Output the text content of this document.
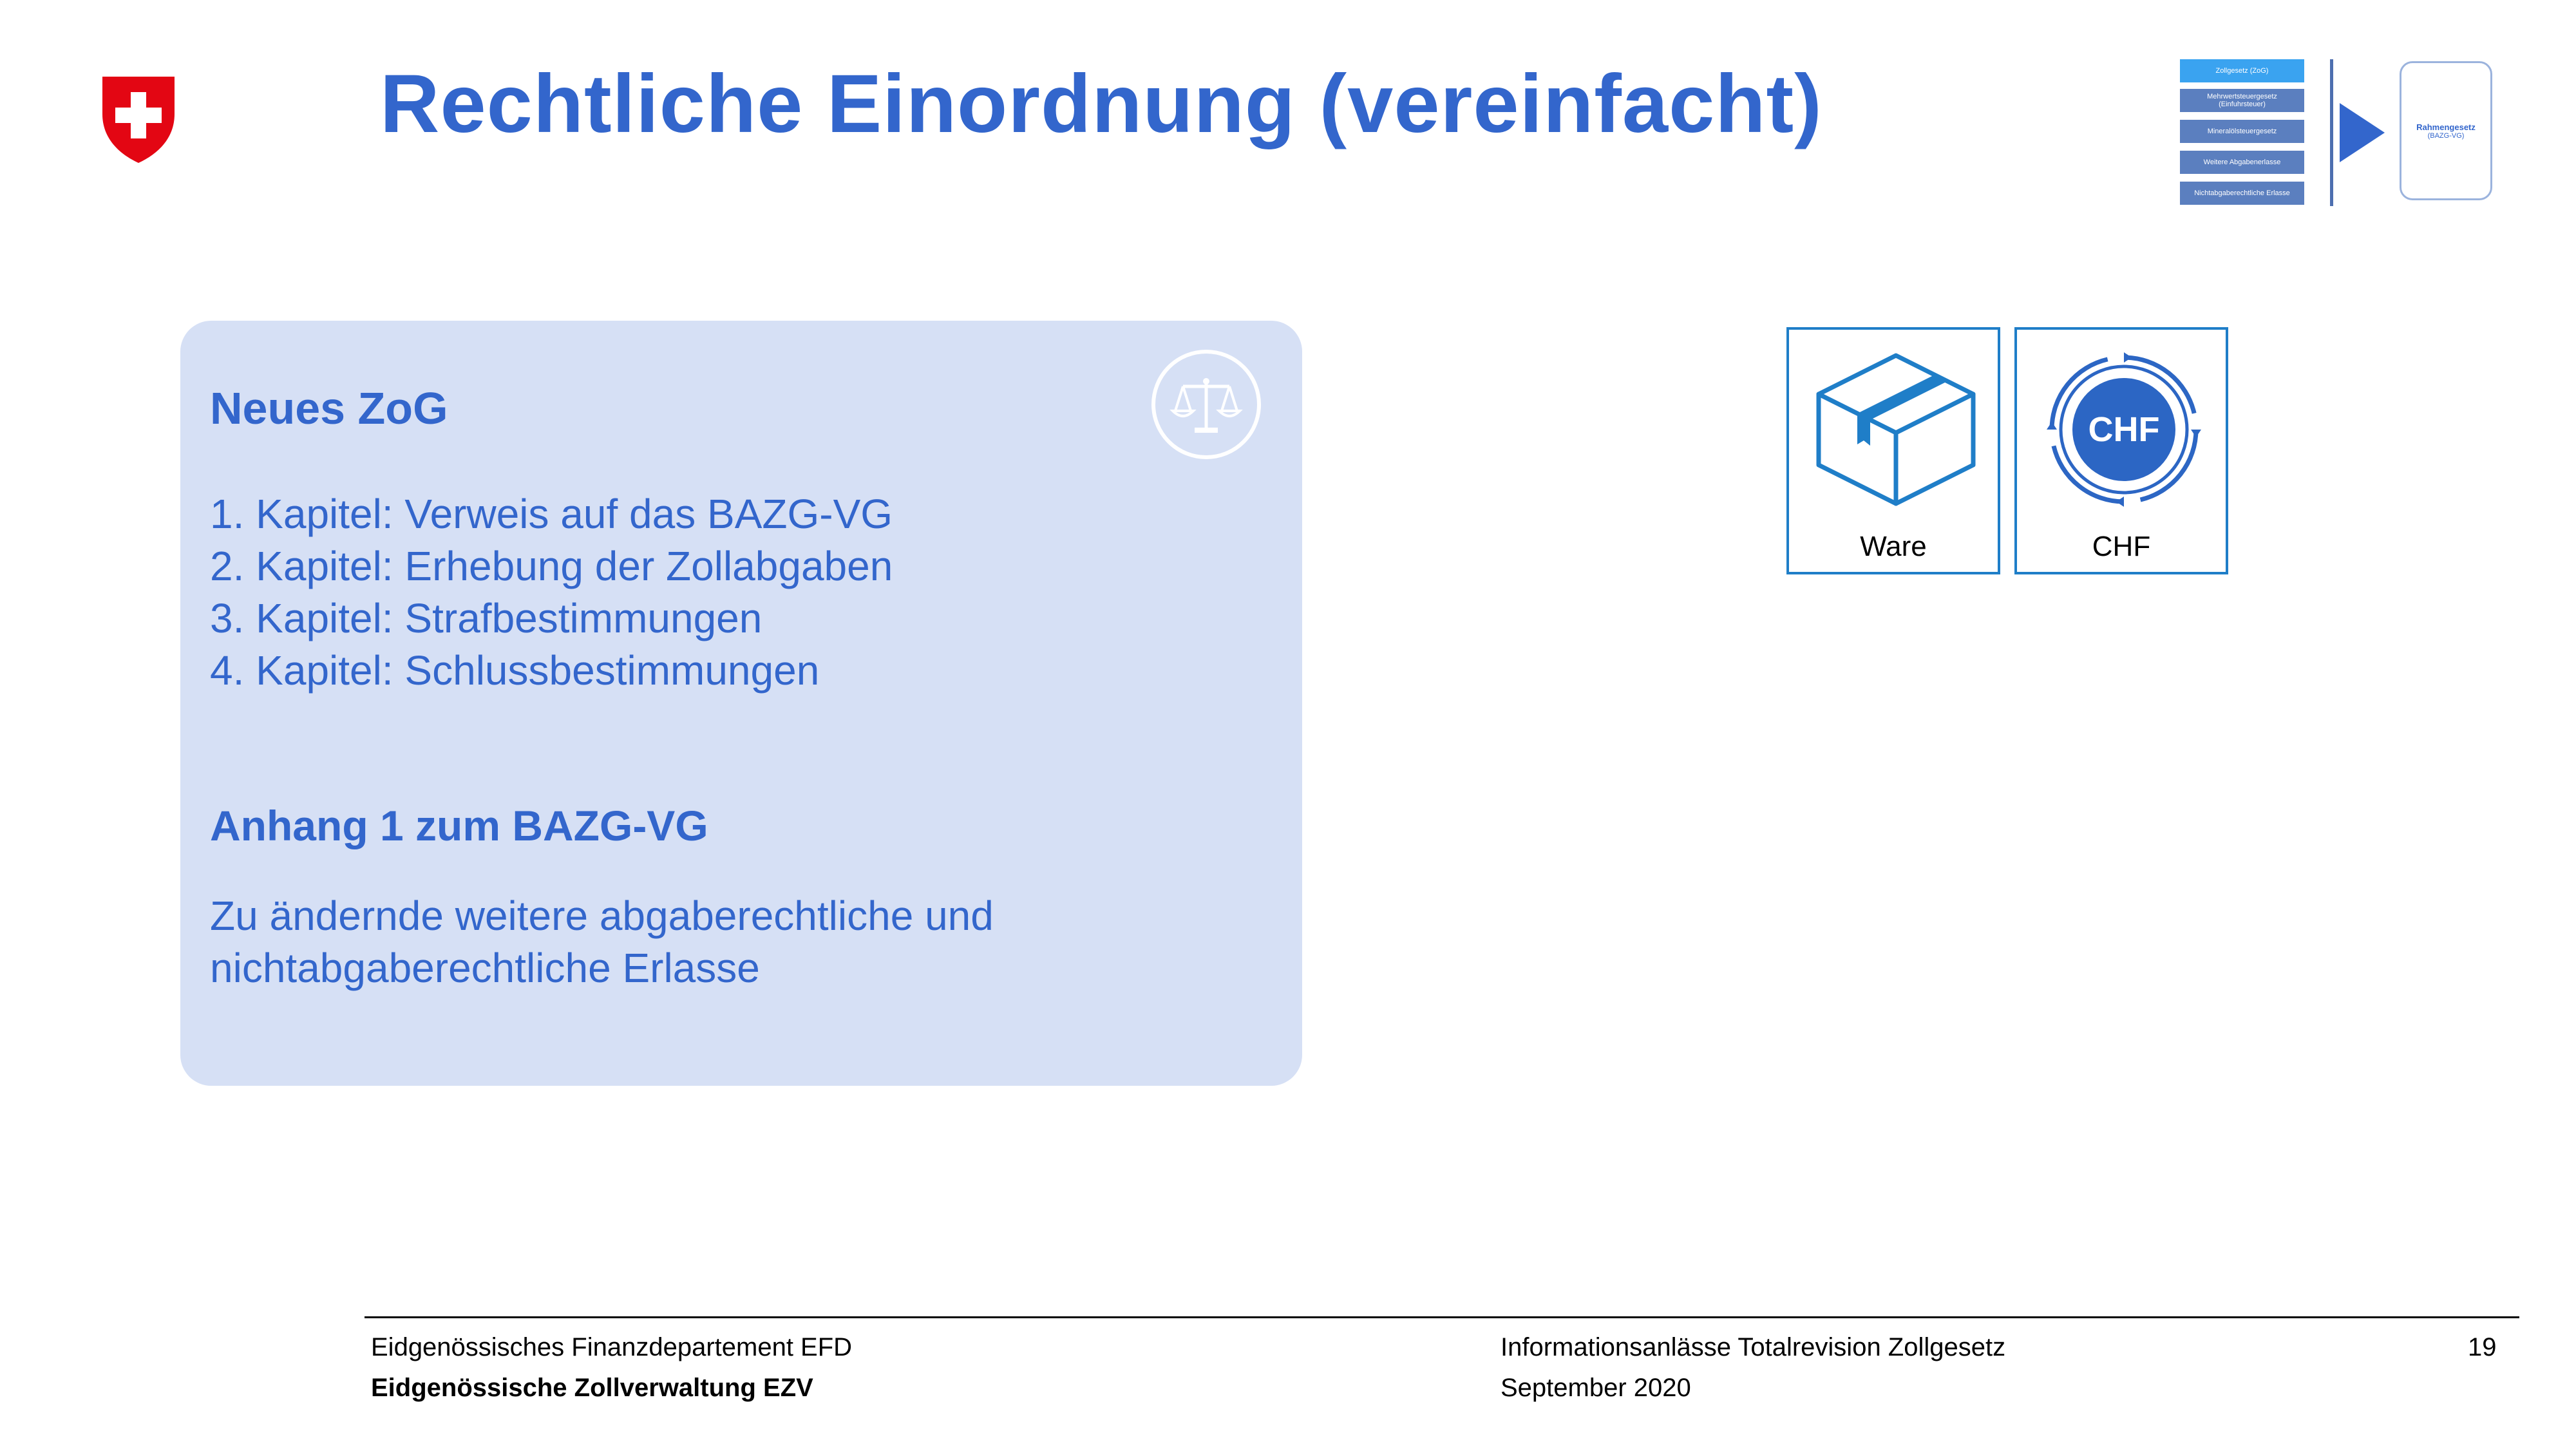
Rechtliche Einordnung (vereinfacht)	Zollgesetz (ZoG)
Mehrwertsteuergesetz
(Einfuhrsteuer)
Mineralölsteuergesetz
Weitere Abgabenerlasse
Nichtabgaberechtliche Erlasse
Rahmengesetz
(BAZG-VG)
Neues ZoG
1. Kapitel: Verweis auf das BAZG-VG
2. Kapitel: Erhebung der Zollabgaben
3. Kapitel: Strafbestimmungen
4. Kapitel: Schlussbestimmungen
Anhang 1 zum BAZG-VG
Zu ändernde weitere abgaberechtliche und
nichtabgaberechtliche Erlasse
Ware
CHF
CHF
Eidgenössisches Finanzdepartement EFD
Eidgenössische Zollverwaltung EZV
Informationsanlässe Totalrevision Zollgesetz
September 2020
19
